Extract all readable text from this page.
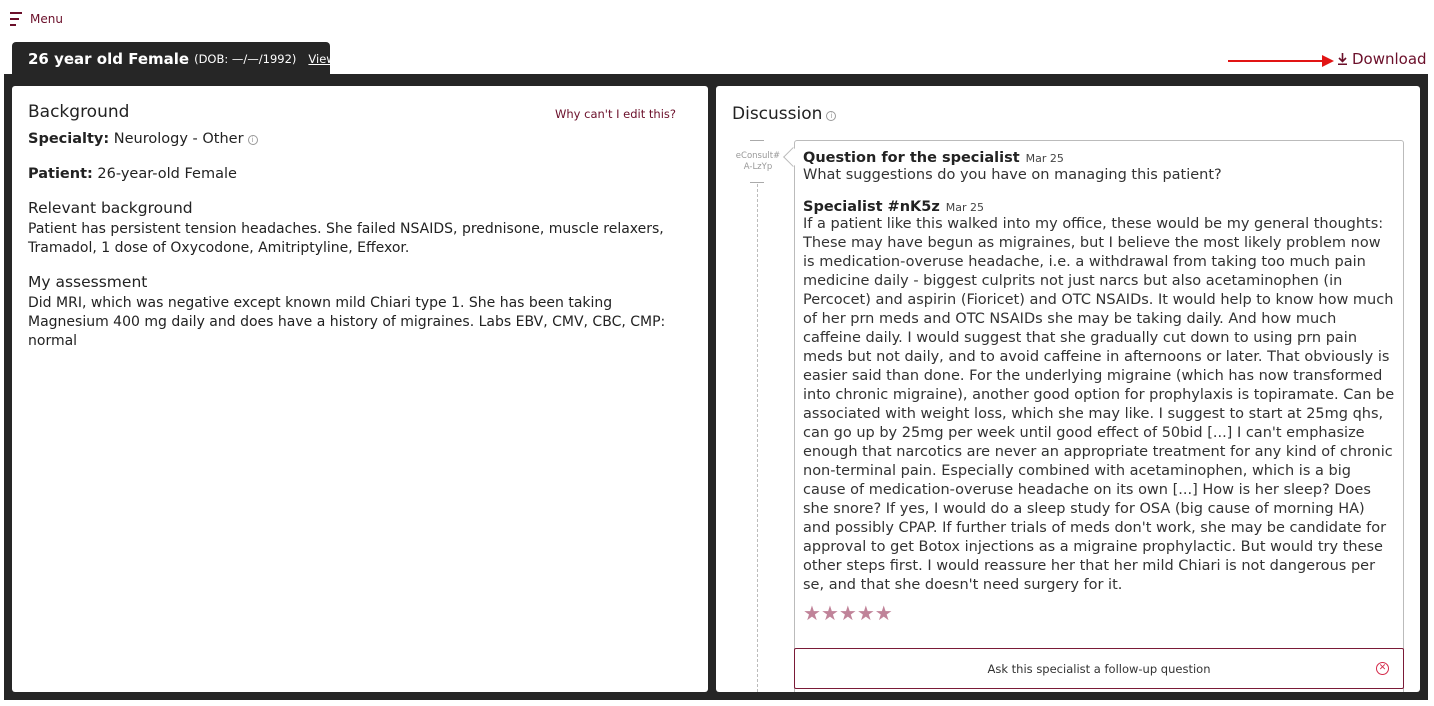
Menu
26 year old Female (DOB: —/—/1992) View	Download
Background	Why can't I edit this?
Specialty: Neurology - Other i
Patient: 26-year-old Female
Relevant background
Patient has persistent tension headaches. She failed NSAIDS, prednisone, muscle relaxers, Tramadol, 1 dose of Oxycodone, Amitriptyline, Effexor.
My assessment
Did MRI, which was negative except known mild Chiari type 1. She has been taking Magnesium 400 mg daily and does have a history of migraines. Labs EBV, CMV, CBC, CMP: normal
Discussion i
eConsult#
A-LzYp
Question for the specialist Mar 25
What suggestions do you have on managing this patient?
Specialist #nK5z Mar 25
If a patient like this walked into my office, these would be my general thoughts: These may have begun as migraines, but I believe the most likely problem now is medication-overuse headache, i.e. a withdrawal from taking too much pain medicine daily - biggest culprits not just narcs but also acetaminophen (in Percocet) and aspirin (Fioricet) and OTC NSAIDs. It would help to know how much of her prn meds and OTC NSAIDs she may be taking daily. And how much caffeine daily. I would suggest that she gradually cut down to using prn pain meds but not daily, and to avoid caffeine in afternoons or later. That obviously is easier said than done. For the underlying migraine (which has now transformed into chronic migraine), another good option for prophylaxis is topiramate. Can be associated with weight loss, which she may like. I suggest to start at 25mg qhs, can go up by 25mg per week until good effect of 50bid [...] I can't emphasize enough that narcotics are never an appropriate treatment for any kind of chronic non-terminal pain. Especially combined with acetaminophen, which is a big cause of medication-overuse headache on its own [...] How is her sleep? Does she snore? If yes, I would do a sleep study for OSA (big cause of morning HA) and possibly CPAP. If further trials of meds don't work, she may be candidate for approval to get Botox injections as a migraine prophylactic. But would try these other steps first. I would reassure her that her mild Chiari is not dangerous per se, and that she doesn't need surgery for it.
★★★★★
Ask this specialist a follow-up question	✕
